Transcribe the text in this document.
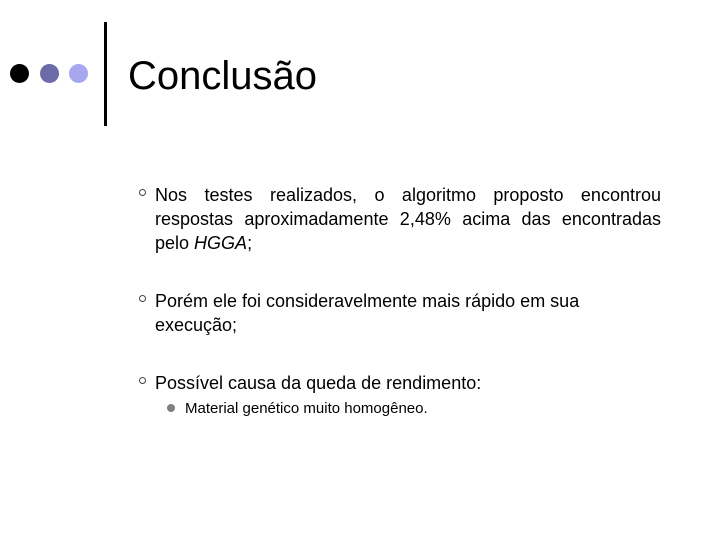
Conclusão
Nos testes realizados, o algoritmo proposto encontrou respostas aproximadamente 2,48% acima das encontradas pelo HGGA;
Porém ele foi consideravelmente mais rápido em sua execução;
Possível causa da queda de rendimento:
Material genético muito homogêneo.
